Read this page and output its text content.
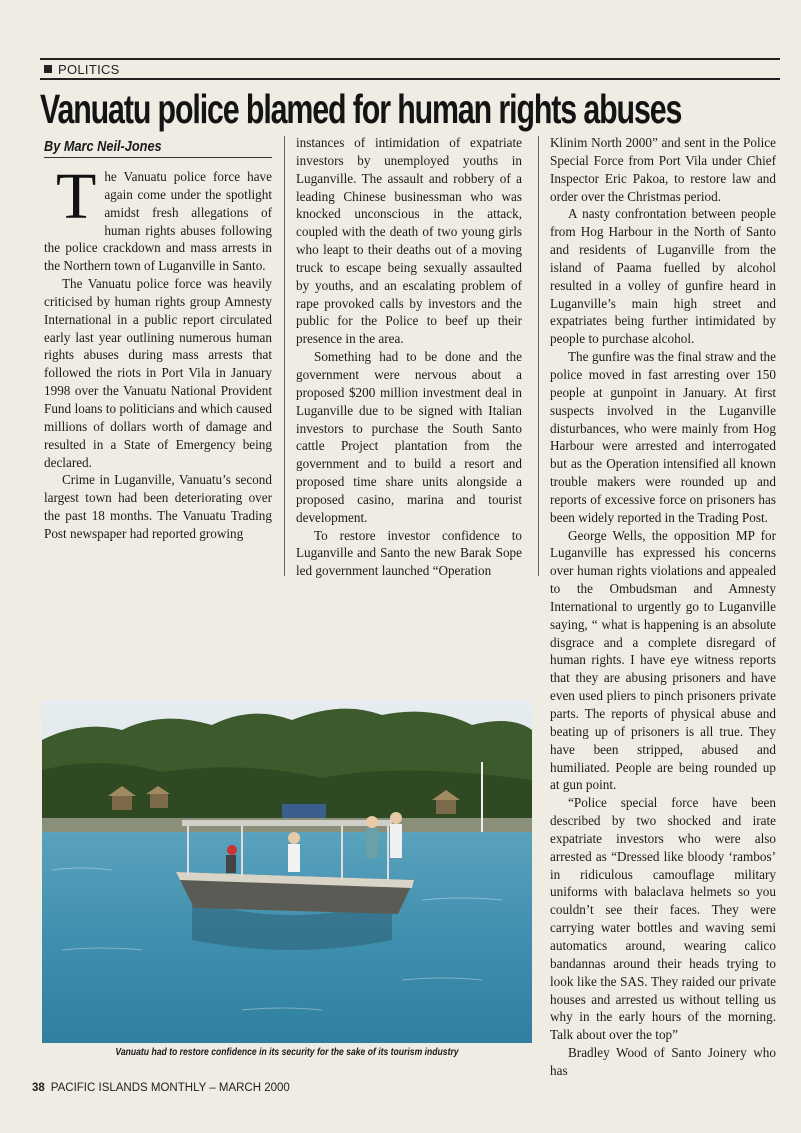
POLITICS
Vanuatu police blamed for human rights abuses
By Marc Neil-Jones

The Vanuatu police force have again come under the spotlight amidst fresh allegations of human rights abuses following the police crackdown and mass arrests in the Northern town of Luganville in Santo.

The Vanuatu police force was heavily criticised by human rights group Amnesty International in a public report circulated early last year outlining numerous human rights abuses during mass arrests that followed the riots in Port Vila in January 1998 over the Vanuatu National Provident Fund loans to politicians and which caused millions of dollars worth of damage and resulted in a State of Emergency being declared.

Crime in Luganville, Vanuatu’s second largest town had been deteriorating over the past 18 months. The Vanuatu Trading Post newspaper had reported growing

instances of intimidation of expatriate investors by unemployed youths in Luganville. The assault and robbery of a leading Chinese businessman who was knocked unconscious in the attack, coupled with the death of two young girls who leapt to their deaths out of a moving truck to escape being sexually assaulted by youths, and an escalating problem of rape provoked calls by investors and the public for the Police to beef up their presence in the area.

Something had to be done and the government were nervous about a proposed $200 million investment deal in Luganville due to be signed with Italian investors to purchase the South Santo cattle Project plantation from the government and to build a resort and proposed time share units alongside a proposed casino, marina and tourist development.

To restore investor confidence to Luganville and Santo the new Barak Sope led government launched “Operation

Klinim North 2000” and sent in the Police Special Force from Port Vila under Chief Inspector Eric Pakoa, to restore law and order over the Christmas period.

A nasty confrontation between people from Hog Harbour in the North of Santo and residents of Luganville from the island of Paama fuelled by alcohol resulted in a volley of gunfire heard in Luganville’s main high street and expatriates being further intimidated by people to purchase alcohol.

The gunfire was the final straw and the police moved in fast arresting over 150 people at gunpoint in January. At first suspects involved in the Luganville disturbances, who were mainly from Hog Harbour were arrested and interrogated but as the Operation intensified all known trouble makers were rounded up and reports of excessive force on prisoners has been widely reported in the Trading Post.

George Wells, the opposition MP for Luganville has expressed his concerns over human rights violations and appealed to the Ombudsman and Amnesty International to urgently go to Luganville saying, “ what is happening is an absolute disgrace and a complete disregard of human rights. I have eye witness reports that they are abusing prisoners and have even used pliers to pinch prisoners private parts. The reports of physical abuse and beating up of prisoners is all true. They have been stripped, abused and humiliated. People are being rounded up at gun point.

“Police special force have been described by two shocked and irate expatriate investors who were also arrested as “Dressed like bloody ‘rambos’ in ridiculous camouflage military uniforms with balaclava helmets so you couldn’t see their faces. They were carrying water bottles and waving semi automatics around, wearing calico bandannas around their heads trying to look like the SAS. They raided our private houses and arrested us without telling us why in the early hours of the morning. Talk about over the top”

Bradley Wood of Santo Joinery who has

Vanuatu had to restore confidence in its security for the sake of its tourism industry
38 PACIFIC ISLANDS MONTHLY – MARCH 2000
